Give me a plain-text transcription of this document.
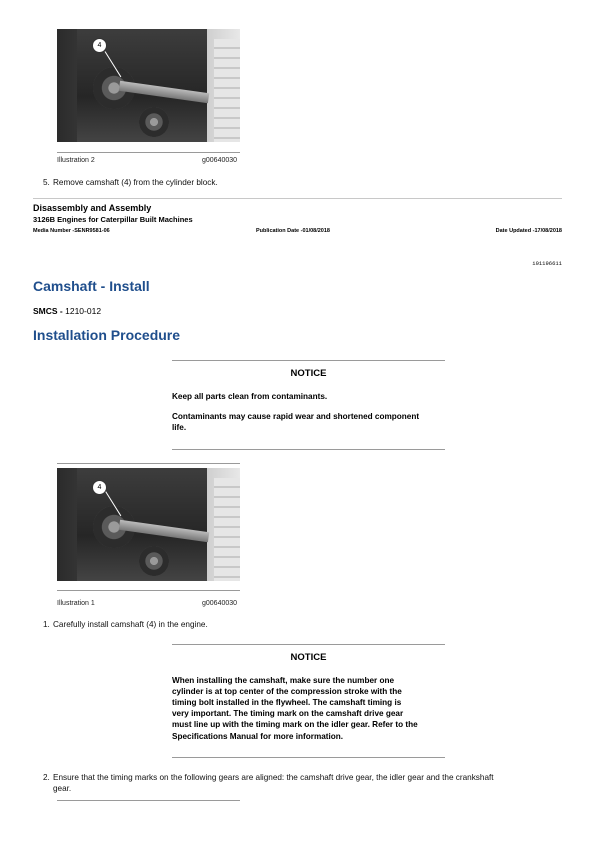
4
Illustration 2	g00640030
5. Remove camshaft (4) from the cylinder block.
Disassembly and Assembly
3126B Engines for Caterpillar Built Machines
Media Number -SENR9581-06	Publication Date -01/08/2018	Date Updated -17/08/2018
i01196611
Camshaft - Install
SMCS - 1210-012
Installation Procedure
NOTICE
Keep all parts clean from contaminants.
Contaminants may cause rapid wear and shortened component
life.
4
Illustration 1	g00640030
1. Carefully install camshaft (4) in the engine.
NOTICE
When installing the camshaft, make sure the number one
cylinder is at top center of the compression stroke with the
timing bolt installed in the flywheel. The camshaft timing is
very important. The timing mark on the camshaft drive gear
must line up with the timing mark on the idler gear. Refer to the
Specifications Manual for more information.
2. Ensure that the timing marks on the following gears are aligned: the camshaft drive gear, the idler gear and the crankshaft
gear.
